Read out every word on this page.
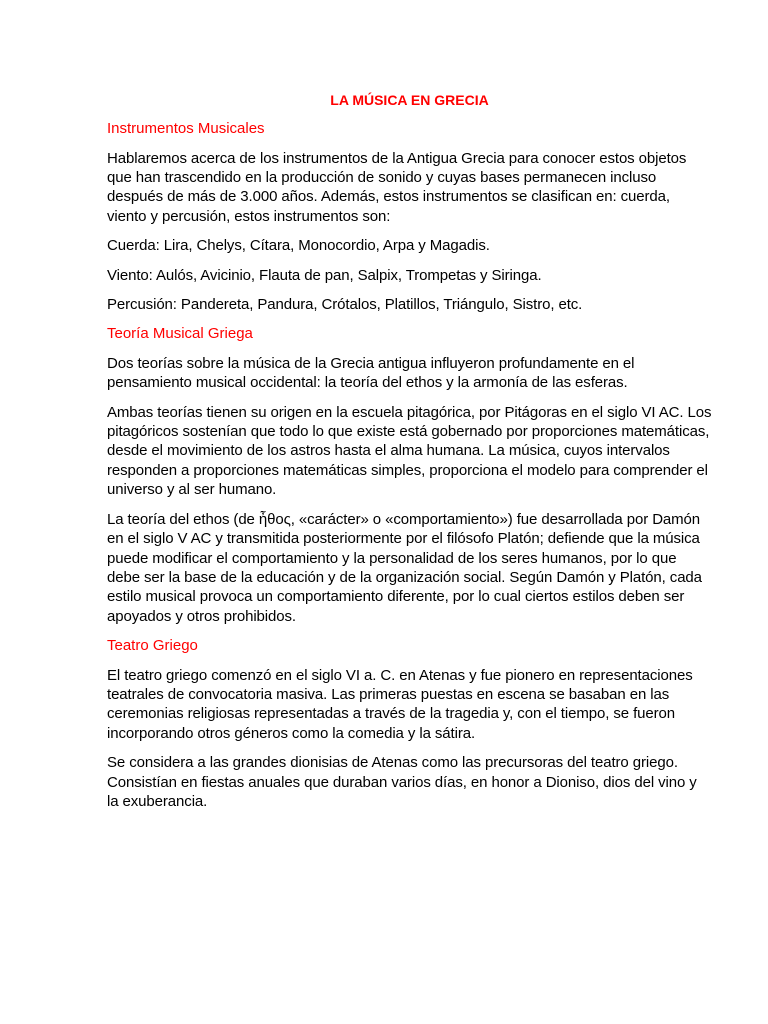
LA MÚSICA EN GRECIA
Instrumentos Musicales

Hablaremos acerca de los instrumentos de la Antigua Grecia para conocer estos objetos que han trascendido en la producción de sonido y cuyas bases permanecen incluso después de más de 3.000 años. Además, estos instrumentos se clasifican en: cuerda, viento y percusión, estos instrumentos son:

Cuerda: Lira, Chelys, Cítara, Monocordio, Arpa y Magadis.

Viento: Aulós, Avicinio, Flauta de pan, Salpix, Trompetas y Siringa.

Percusión: Pandereta, Pandura, Crótalos, Platillos, Triángulo, Sistro, etc.

Teoría Musical Griega

Dos teorías sobre la música de la Grecia antigua influyeron profundamente en el pensamiento musical occidental: la teoría del ethos y la armonía de las esferas.

Ambas teorías tienen su origen en la escuela pitagórica, por Pitágoras en el siglo VI AC. Los pitagóricos sostenían que todo lo que existe está gobernado por proporciones matemáticas, desde el movimiento de los astros hasta el alma humana. La música, cuyos intervalos responden a proporciones matemáticas simples, proporciona el modelo para comprender el universo y al ser humano.

La teoría del ethos (de ἦθος, «carácter» o «comportamiento») fue desarrollada por Damón en el siglo V AC y transmitida posteriormente por el filósofo Platón; defiende que la música puede modificar el comportamiento y la personalidad de los seres humanos, por lo que debe ser la base de la educación y de la organización social. Según Damón y Platón, cada estilo musical provoca un comportamiento diferente, por lo cual ciertos estilos deben ser apoyados y otros prohibidos.

Teatro Griego

El teatro griego comenzó en el siglo VI a. C. en Atenas y fue pionero en representaciones teatrales de convocatoria masiva. Las primeras puestas en escena se basaban en las ceremonias religiosas representadas a través de la tragedia y, con el tiempo, se fueron incorporando otros géneros como la comedia y la sátira.

Se considera a las grandes dionisias de Atenas como las precursoras del teatro griego. Consistían en fiestas anuales que duraban varios días, en honor a Dioniso, dios del vino y la exuberancia.
